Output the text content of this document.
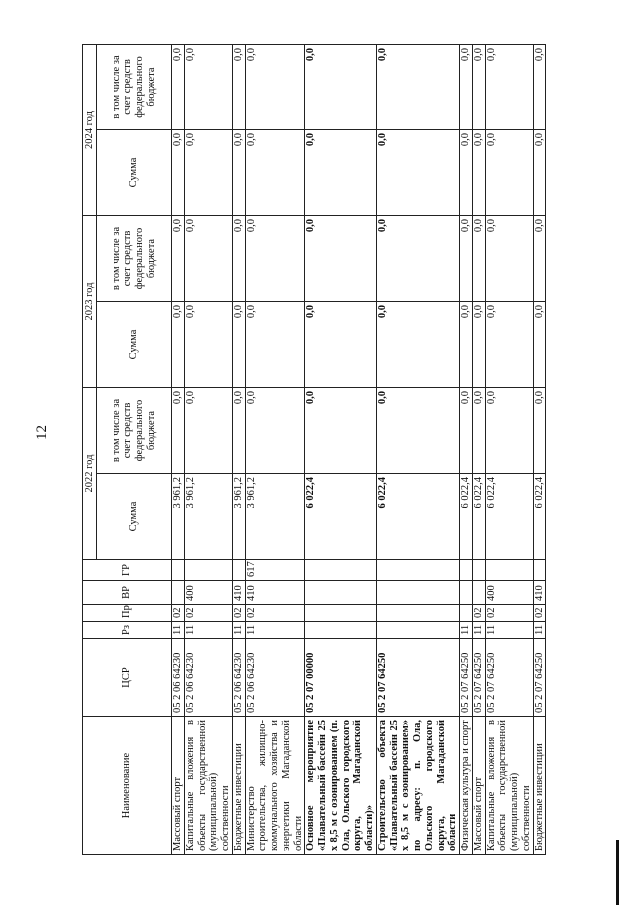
12
Наименование	ЦСР	Рз	Пр	ВР	ГР	2022 год		2023 год		2024 год	
						Сумма	в том числе за счет средств федерального бюджета	Сумма	в том числе за счет средств федерального бюджета	Сумма	в том числе за счет средств федерального бюджета
Массовый спорт	05 2 06 64230	11	02			3 961,2	0,0	0,0	0,0	0,0	0,0
Капитальные вложения в объекты государственной (муниципальной) собственности	05 2 06 64230	11	02	400		3 961,2	0,0	0,0	0,0	0,0	0,0
Бюджетные инвестиции	05 2 06 64230	11	02	410		3 961,2	0,0	0,0	0,0	0,0	0,0
Министерство строительства, жилищно-коммунального хозяйства и энергетики Магаданской области	05 2 06 64230	11	02	410	617	3 961,2	0,0	0,0	0,0	0,0	0,0
Основное мероприятие «Плавательный бассейн 25 х 8,5 м с озонированием (п. Ола, Ольского городского округа, Магаданской области)»	05 2 07 00000					6 022,4	0,0	0,0	0,0	0,0	0,0
Строительство объекта «Плавательный бассейн 25 х 8,5 м с озонированием» по адресу: п. Ола, Ольского городского округа, Магаданской области	05 2 07 64250					6 022,4	0,0	0,0	0,0	0,0	0,0
Физическая культура и спорт	05 2 07 64250	11				6 022,4	0,0	0,0	0,0	0,0	0,0
Массовый спорт	05 2 07 64250	11	02			6 022,4	0,0	0,0	0,0	0,0	0,0
Капитальные вложения в объекты государственной (муниципальной) собственности	05 2 07 64250	11	02	400		6 022,4	0,0	0,0	0,0	0,0	0,0
Бюджетные инвестиции	05 2 07 64250	11	02	410		6 022,4	0,0	0,0	0,0	0,0	0,0
